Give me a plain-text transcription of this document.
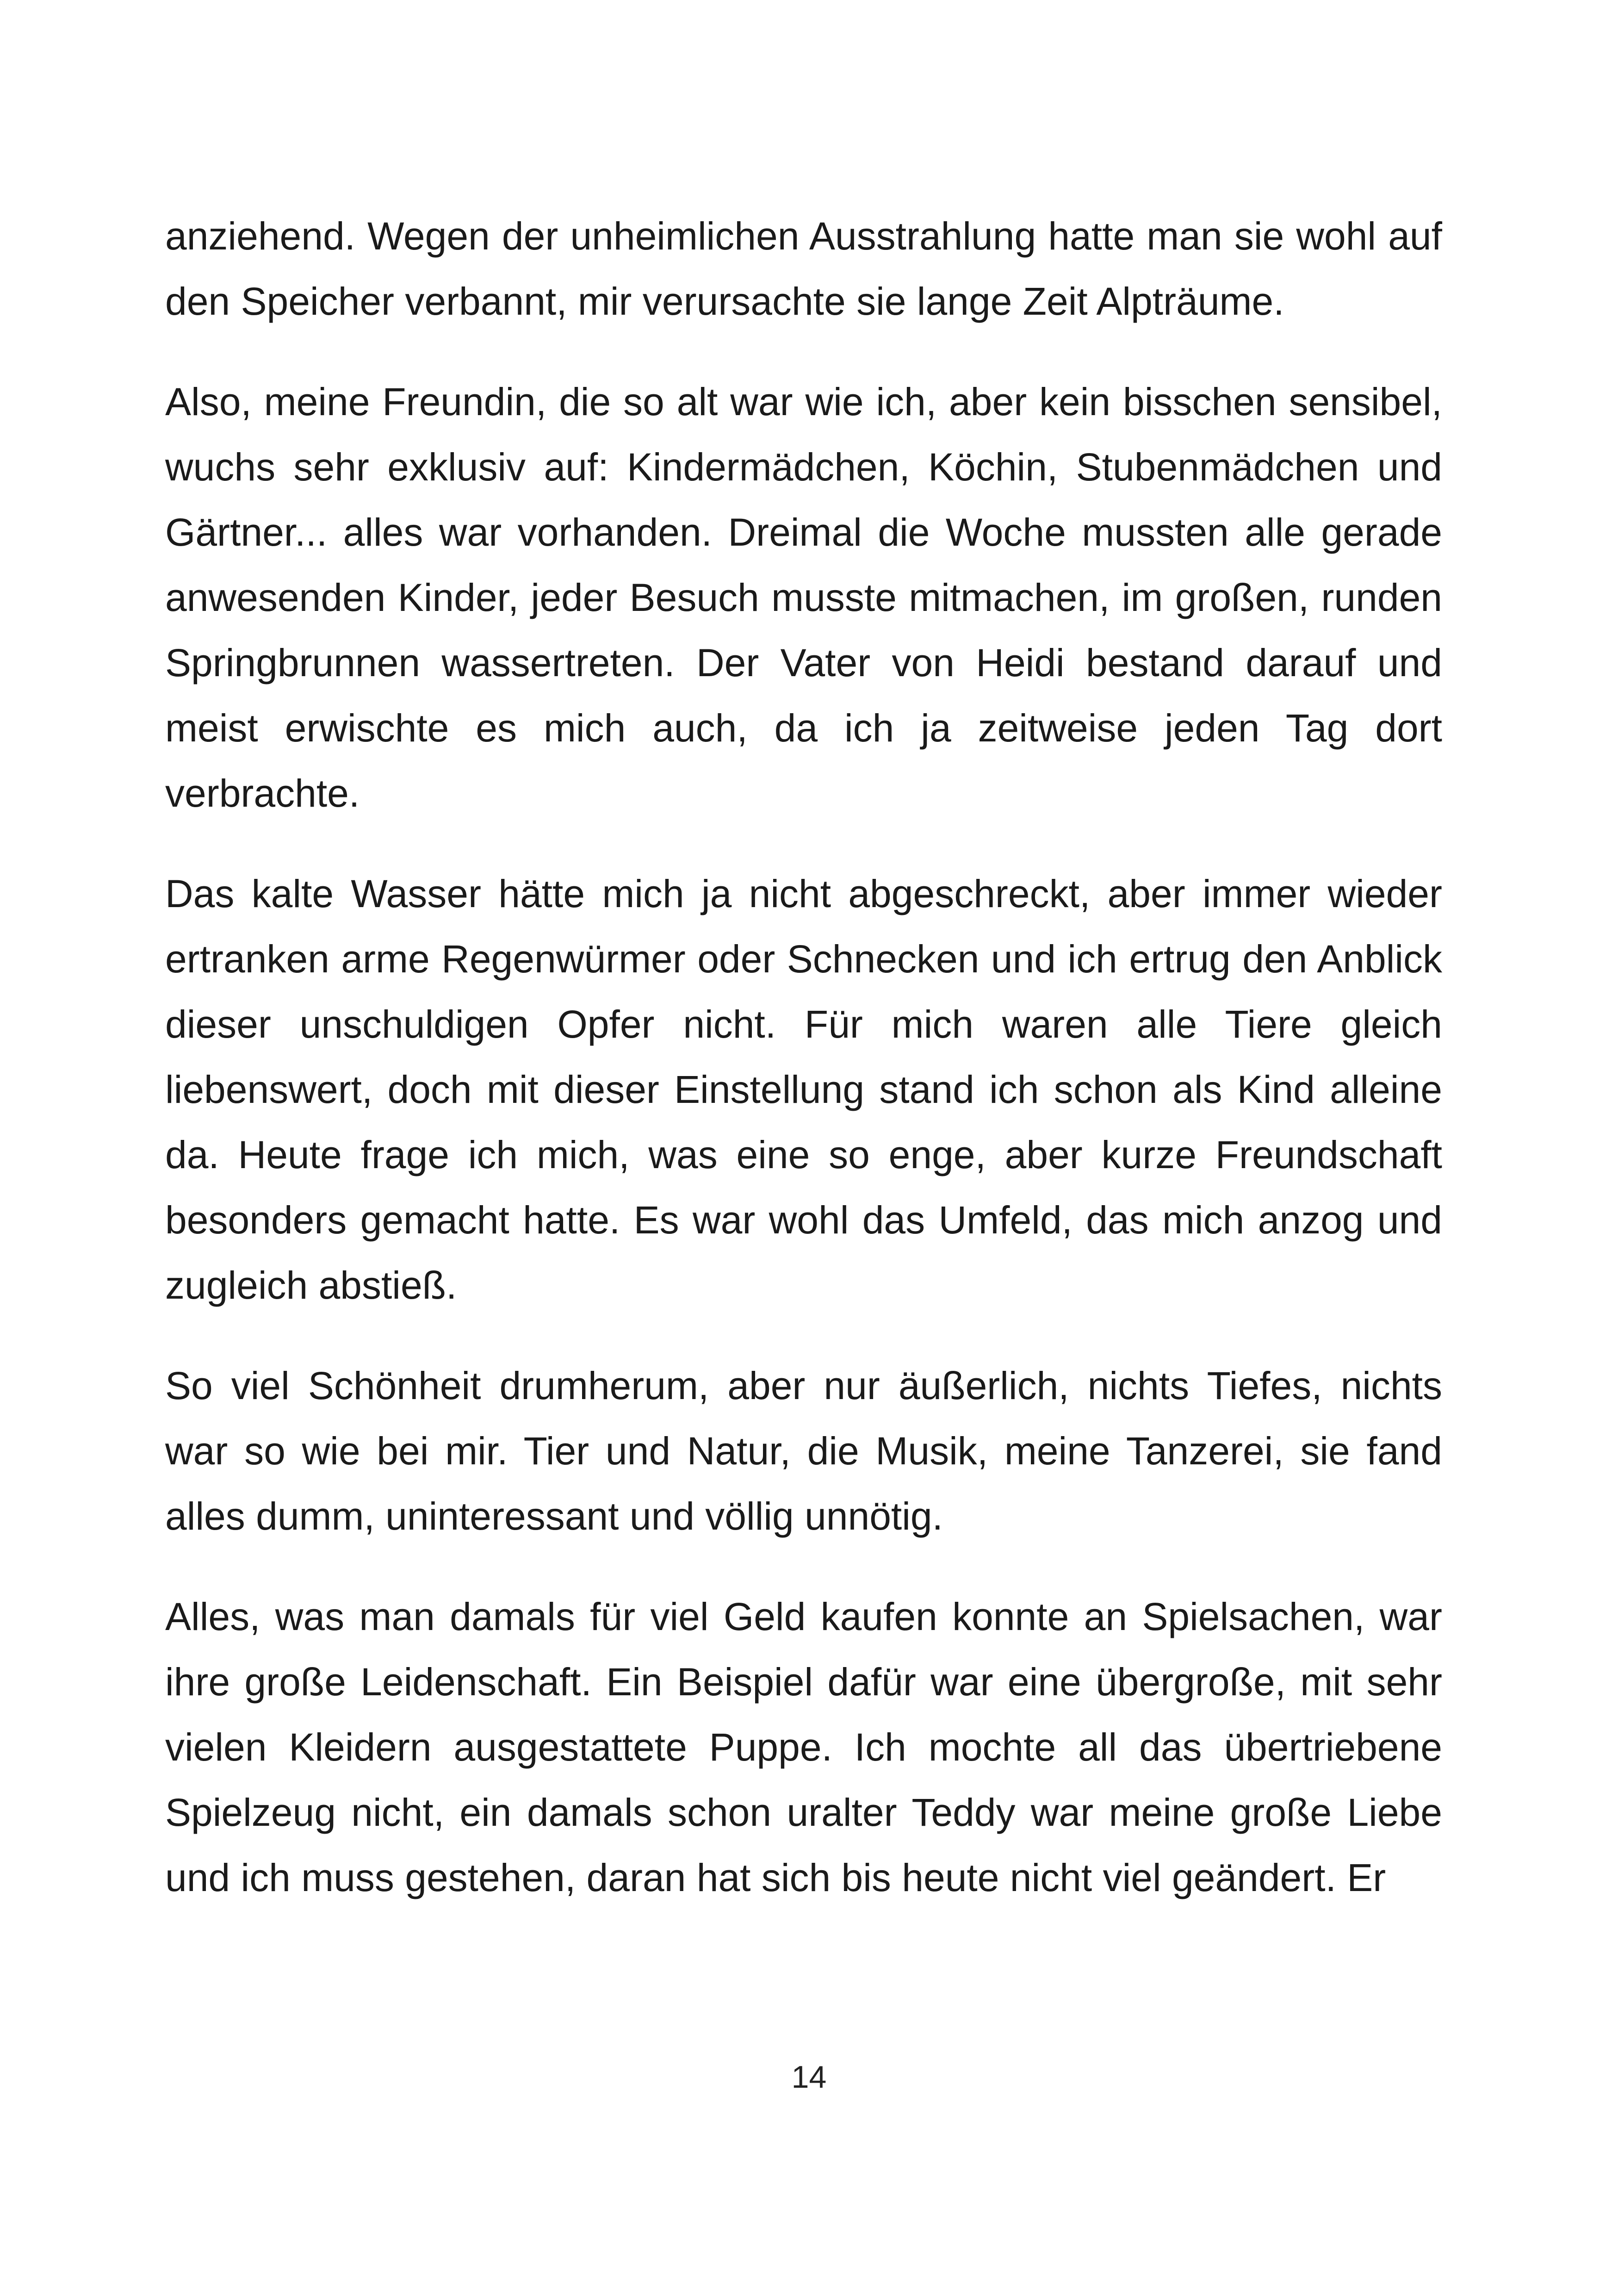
anziehend. Wegen der unheimlichen Ausstrahlung hatte man sie wohl auf den Speicher verbannt, mir verursachte sie lange Zeit Alpträume.

Also, meine Freundin, die so alt war wie ich, aber kein bisschen sensibel, wuchs sehr exklusiv auf: Kindermädchen, Köchin, Stubenmädchen und Gärtner... alles war vorhanden. Dreimal die Woche mussten alle gerade anwesenden Kinder, jeder Besuch musste mitmachen, im großen, runden Springbrunnen wassertreten. Der Vater von Heidi bestand darauf und meist erwischte es mich auch, da ich ja zeitweise jeden Tag dort verbrachte.

Das kalte Wasser hätte mich ja nicht abgeschreckt, aber immer wieder ertranken arme Regenwürmer oder Schnecken und ich ertrug den Anblick dieser unschuldigen Opfer nicht. Für mich waren alle Tiere gleich liebenswert, doch mit dieser Einstellung stand ich schon als Kind alleine da. Heute frage ich mich, was eine so enge, aber kurze Freundschaft besonders gemacht hatte. Es war wohl das Umfeld, das mich anzog und zugleich abstieß.

So viel Schönheit drumherum, aber nur äußerlich, nichts Tiefes, nichts war so wie bei mir. Tier und Natur, die Musik, meine Tanzerei, sie fand alles dumm, uninteressant und völlig unnötig.

Alles, was man damals für viel Geld kaufen konnte an Spielsachen, war ihre große Leidenschaft. Ein Beispiel dafür war eine übergroße, mit sehr vielen Kleidern ausgestattete Puppe. Ich mochte all das übertriebene Spielzeug nicht, ein damals schon uralter Teddy war meine große Liebe und ich muss gestehen, daran hat sich bis heute nicht viel geändert. Er

14
